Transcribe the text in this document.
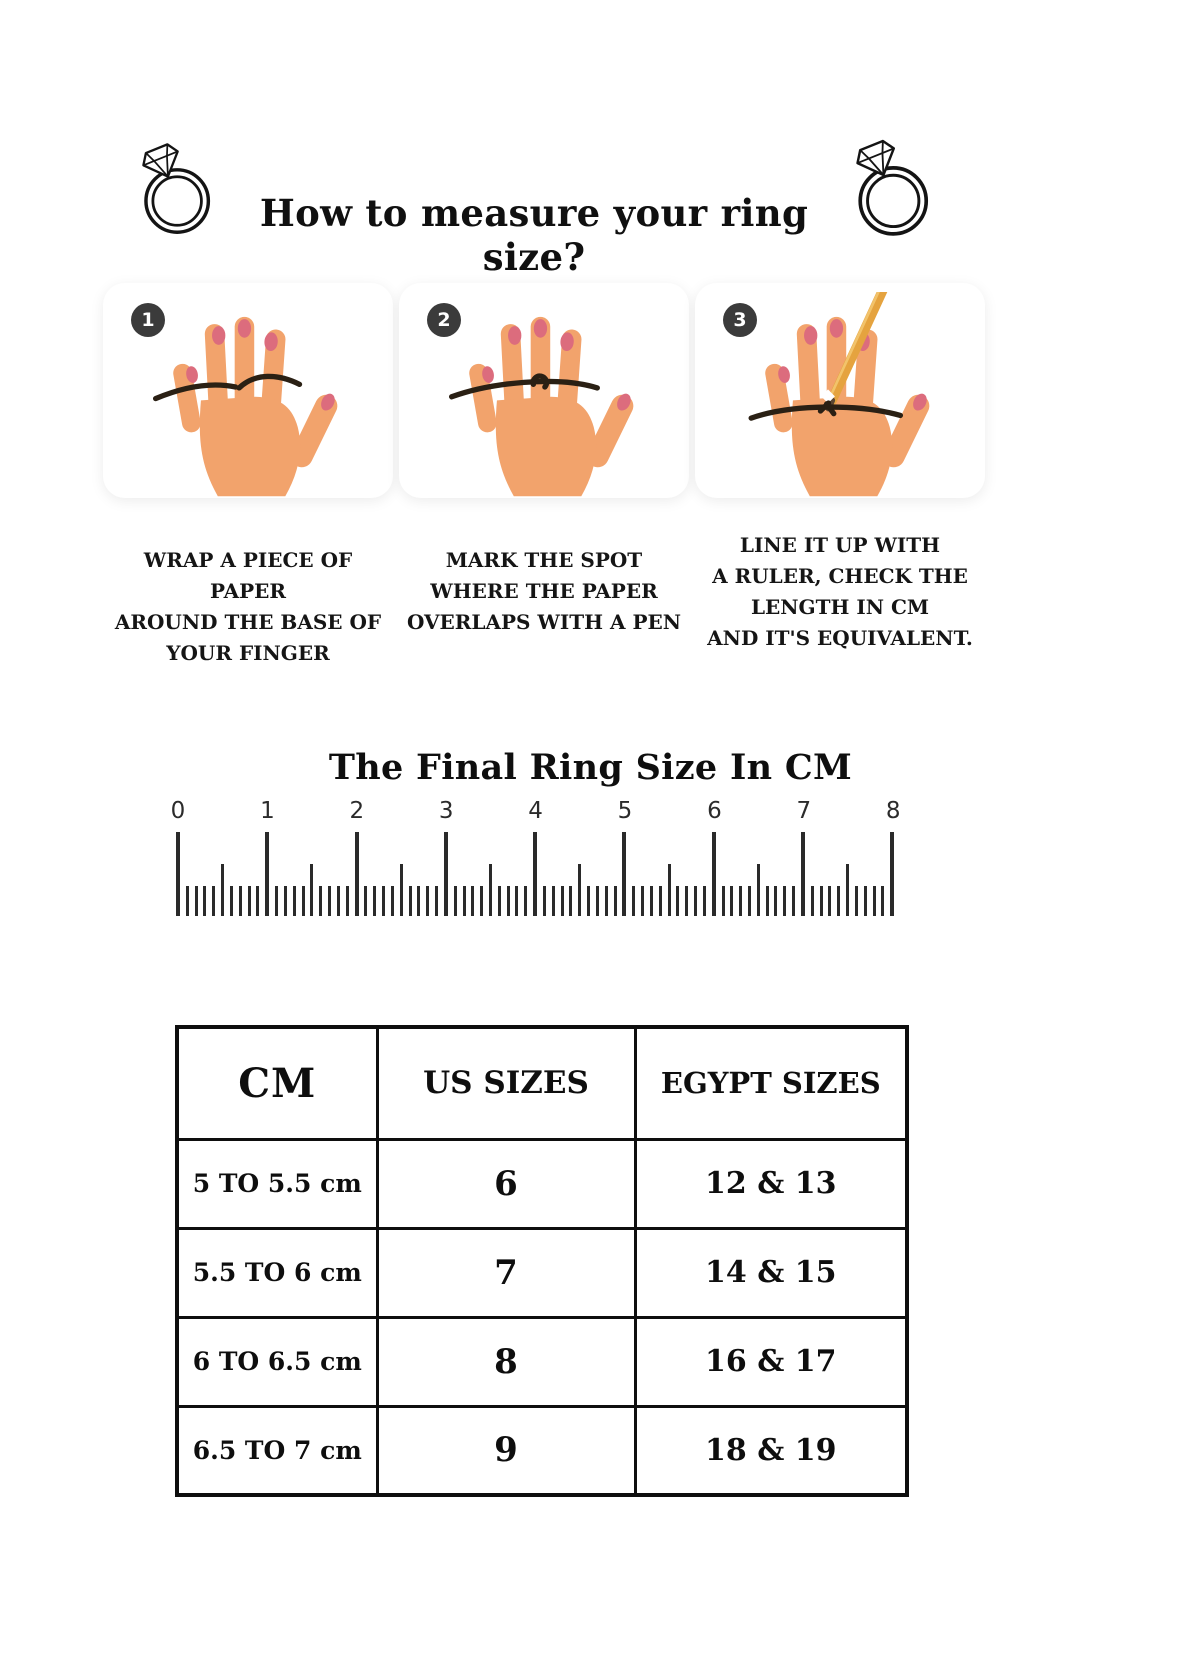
How to measure your ring size?
1	2	3
WRAP A PIECE OF PAPER
AROUND THE BASE OF
YOUR FINGER
MARK THE SPOT
WHERE THE PAPER
OVERLAPS WITH A PEN
LINE IT UP WITH
A RULER, CHECK THE
LENGTH IN CM
AND IT'S EQUIVALENT.
The Final Ring Size In CM
0	1	2	3	4	5	6	7	8
CM	US SIZES	EGYPT SIZES
5 TO 5.5 cm	6	12 & 13
5.5 TO 6 cm	7	14 & 15
6 TO 6.5 cm	8	16 & 17
6.5 TO 7 cm	9	18 & 19
